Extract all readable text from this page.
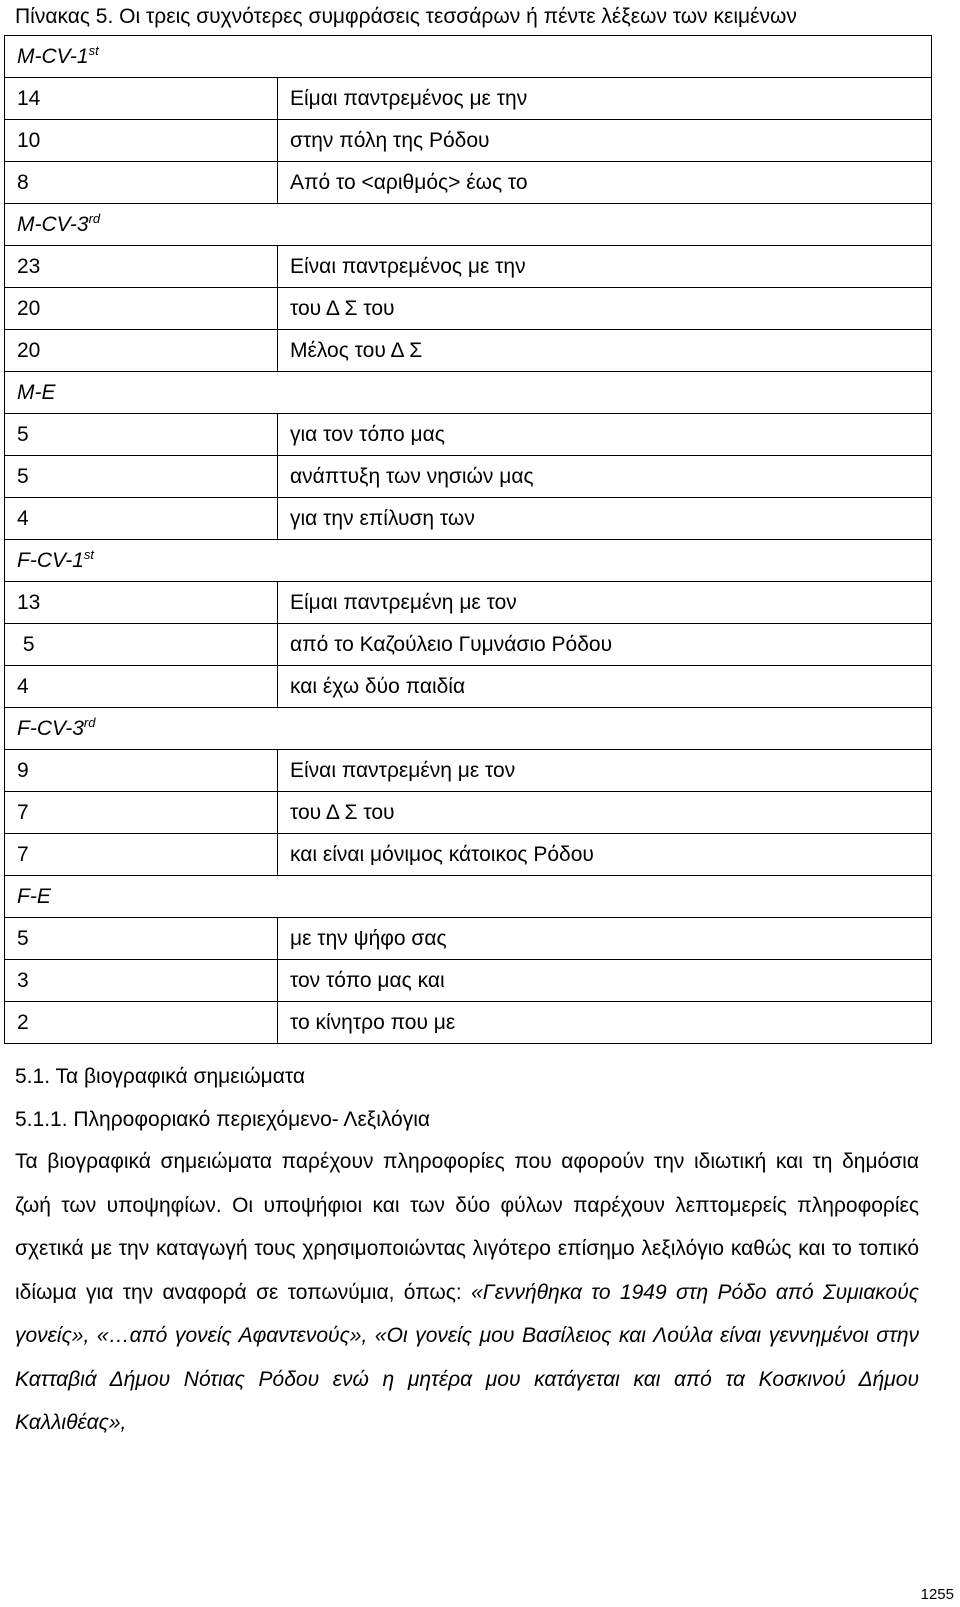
Πίνακας 5. Οι τρεις συχνότερες συμφράσεις τεσσάρων ή πέντε λέξεων των κειμένων
M-CV-1st
14	Είμαι παντρεμένος με την
10	στην πόλη της Ρόδου
8	Από το <αριθμός> έως το
M-CV-3rd
23	Είναι παντρεμένος με την
20	του Δ Σ του
20	Μέλος του Δ Σ
M-E	
5	για τον τόπο μας
5	ανάπτυξη των νησιών μας
4	για την επίλυση των
F-CV-1st
13	Είμαι παντρεμένη με τον
5	από το Καζούλειο Γυμνάσιο Ρόδου
4	και έχω δύο παιδία
F-CV-3rd
9	Είναι παντρεμένη με τον
7	του Δ Σ του
7	και είναι μόνιμος κάτοικος Ρόδου
F-E	
5	με την ψήφο σας
3	τον τόπο μας και
2	το κίνητρο που με
5.1. Τα βιογραφικά σημειώματα
5.1.1. Πληροφοριακό περιεχόμενο- Λεξιλόγια
Τα βιογραφικά σημειώματα παρέχουν πληροφορίες που αφορούν την ιδιωτική και τη δημόσια ζωή των υποψηφίων. Οι υποψήφιοι και των δύο φύλων παρέχουν λεπτομερείς πληροφορίες σχετικά με την καταγωγή τους χρησιμοποιώντας λιγότερο επίσημο λεξιλόγιο καθώς και το τοπικό ιδίωμα για την αναφορά σε τοπωνύμια, όπως: «Γεννήθηκα το 1949 στη Ρόδο από Συμιακούς γονείς», «…από γονείς Αφαντενούς», «Οι γονείς μου Βασίλειος και Λούλα είναι γεννημένοι στην Κατταβιά Δήμου Νότιας Ρόδου ενώ η μητέρα μου κατάγεται και από τα Κοσκινού Δήμου Καλλιθέας»,
1255
